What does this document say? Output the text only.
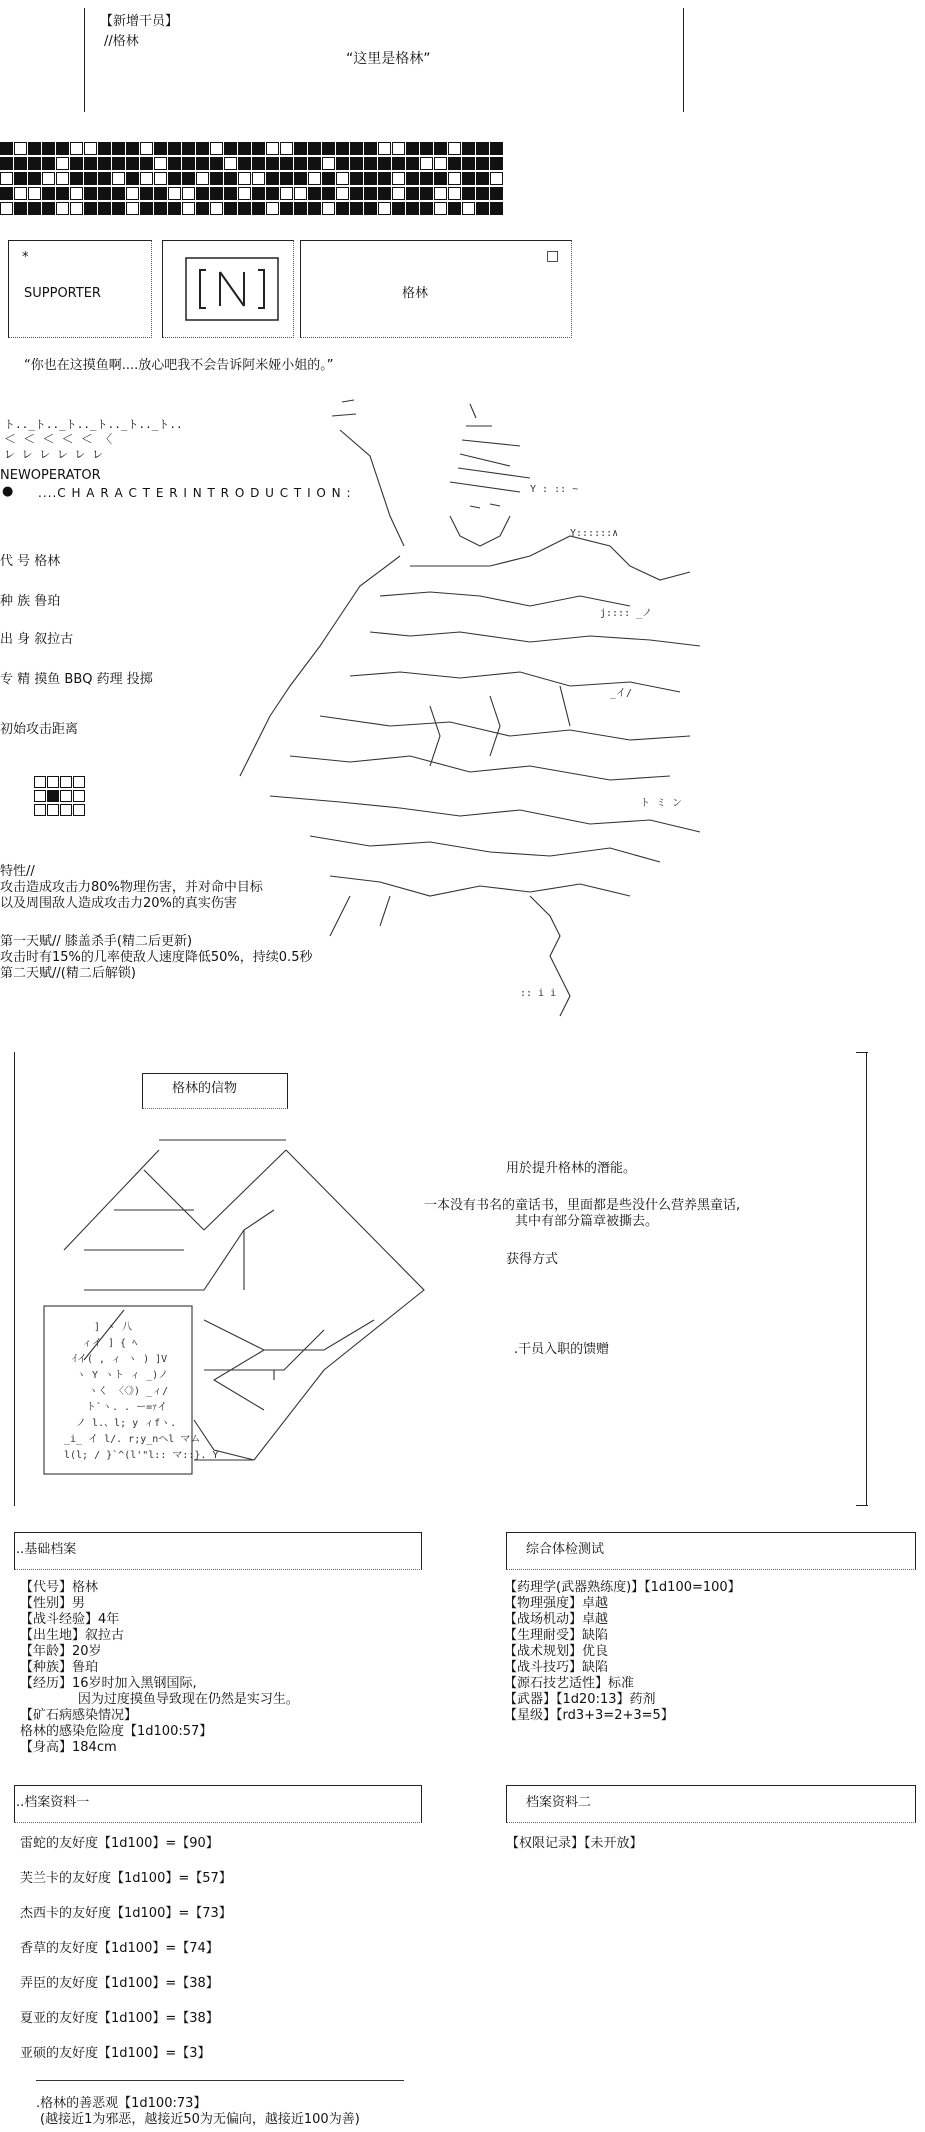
【新增干员】
//格林
“这里是格林”
*
SUPPORTER
□
格林
“你也在这摸鱼啊....放心吧我不会告诉阿米娅小姐的。”
ト.._ト.._ト.._ト.._ト.._ト..
＜ ＜ ＜ ＜ ＜ 〈
レ レ レ レ レ レ
NEWOPERATOR
● ....C H A R A C T E R I N T R O D U C T I O N :
代 号 格林
种 族 鲁珀
出 身 叙拉古
专 精 摸鱼 BBQ 药理 投掷
初始攻击距离
特性//
攻击造成攻击力80%物理伤害，并对命中目标
以及周围敌人造成攻击力20%的真实伤害
第一天赋// 膝盖杀手(精二后更新)
攻击时有15%的几率使敌人速度降低50%，持续0.5秒
第二天赋//(精二后解锁)
Y : :: ~
Y::::::∧
j:::: _ノ
_イ/
ト ミ ン
:: i i
格林的信物
] ヽ 八
ィイ ] { ﾍ
ｲイ( , ィ ヽ ) ]V
ヽ Y ヽト ィ _)ノ
ヽく 〈〈》) _ィ/
ト`ヽ. . ー=ｧイ
ノ l.、l; y ィfヽ.
_i_ イ l/. r;y_nヘl マム
l(l; / }`^(l'"l:: マ::}. Y
用於提升格林的潛能。
一本没有书名的童话书，里面都是些没什么营养黑童话,
其中有部分篇章被撕去。
获得方式
.干员入职的馈赠
..基础档案
【代号】格林
【性别】男
【战斗经验】4年
【出生地】叙拉古
【年龄】20岁
【种族】鲁珀
【经历】16岁时加入黑钢国际,
因为过度摸鱼导致现在仍然是实习生。
【矿石病感染情况】
格林的感染危险度【1d100:57】
【身高】184cm
综合体检测试
【药理学(武器熟练度)】【1d100=100】
【物理强度】卓越
【战场机动】卓越
【生理耐受】缺陷
【战术规划】优良
【战斗技巧】缺陷
【源石技艺适性】标准
【武器】【1d20:13】药剂
【星级】【rd3+3=2+3=5】
..档案资料一
雷蛇的友好度【1d100】=【90】
芙兰卡的友好度【1d100】=【57】
杰西卡的友好度【1d100】=【73】
香草的友好度【1d100】=【74】
弄臣的友好度【1d100】=【38】
夏亚的友好度【1d100】=【38】
亚硕的友好度【1d100】=【3】
档案资料二
【权限记录】【未开放】
.格林的善恶观【1d100:73】
(越接近1为邪恶，越接近50为无偏向，越接近100为善)
